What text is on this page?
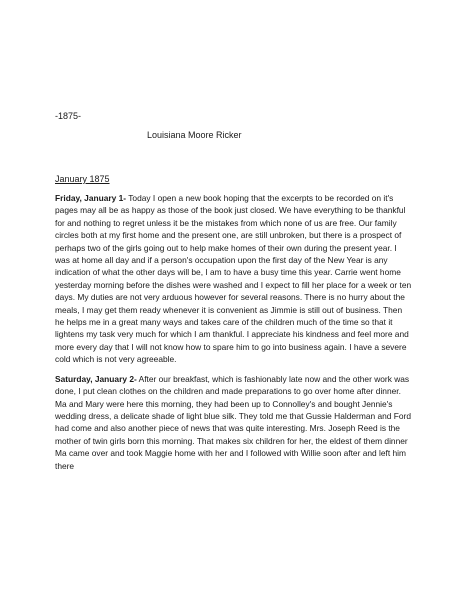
-1875-
Louisiana Moore Ricker
January 1875

Friday, January 1- Today I open a new book hoping that the excerpts to be recorded on it's pages may all be as happy as those of the book just closed. We have everything to be thankful for and nothing to regret unless it be the mistakes from which none of us are free. Our family circles both at my first home and the present one, are still unbroken, but there is a prospect of perhaps two of the girls going out to help make homes of their own during the present year. I was at home all day and if a person's occupation upon the first day of the New Year is any indication of what the other days will be, I am to have a busy time this year. Carrie went home yesterday morning before the dishes were washed and I expect to fill her place for a week or ten days. My duties are not very arduous however for several reasons. There is no hurry about the meals, I may get them ready whenever it is convenient as Jimmie is still out of business. Then he helps me in a great many ways and takes care of the children much of the time so that it lightens my task very much for which I am thankful. I appreciate his kindness and feel more and more every day that I will not know how to spare him to go into business again. I have a severe cold which is not very agreeable.

Saturday, January 2- After our breakfast, which is fashionably late now and the other work was done, I put clean clothes on the children and made preparations to go over home after dinner. Ma and Mary were here this morning, they had been up to Connolley's and bought Jennie's wedding dress, a delicate shade of light blue silk. They told me that Gussie Halderman and Ford had come and also another piece of news that was quite interesting. Mrs. Joseph Reed is the mother of twin girls born this morning. That makes six children for her, the eldest of them dinner Ma came over and took Maggie home with her and I followed with Willie soon after and left him there
